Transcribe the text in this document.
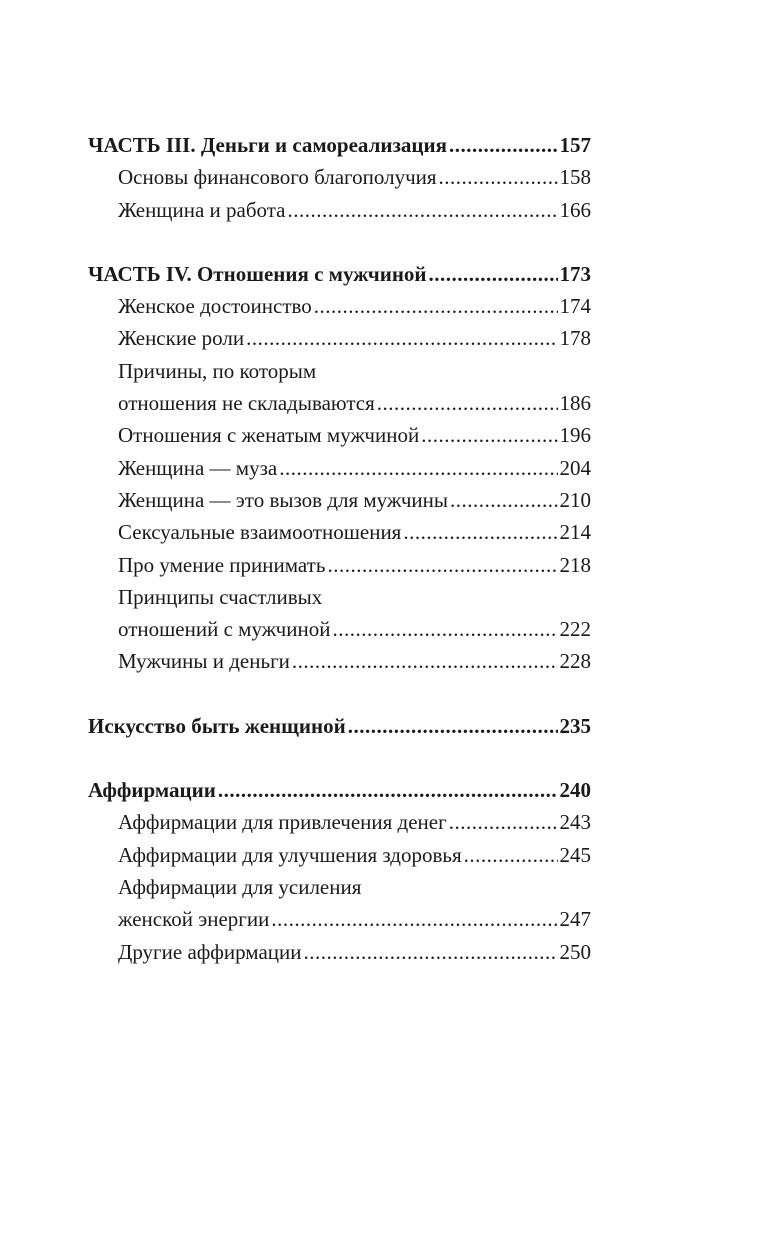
ЧАСТЬ III. Деньги и самореализация .....	157
Основы финансового благополучия .....	158
Женщина и работа .....	166
ЧАСТЬ IV. Отношения с мужчиной .....	173
Женское достоинство .....	174
Женские роли .....	178
Причины, по которым
отношения не складываются .....	186
Отношения с женатым мужчиной .....	196
Женщина — муза .....	204
Женщина — это вызов для мужчины .....	210
Сексуальные взаимоотношения .....	214
Про умение принимать .....	218
Принципы счастливых
отношений с мужчиной .....	222
Мужчины и деньги .....	228
Искусство быть женщиной .....	235
Аффирмации .....	240
Аффирмации для привлечения денег .....	243
Аффирмации для улучшения здоровья .....	245
Аффирмации для усиления
женской энергии .....	247
Другие аффирмации .....	250
